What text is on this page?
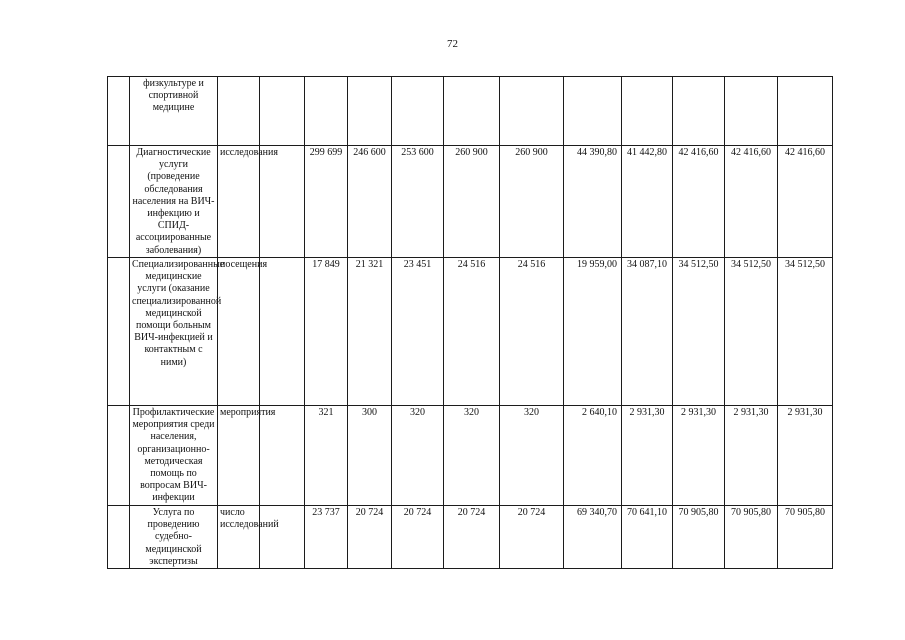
72
	физкультуре и спортивной медицине												
	Диагностические услуги (проведение обследования населения на ВИЧ-инфекцию и СПИД-ассоциированные заболевания)	исследования		299 699	246 600	253 600	260 900	260 900	44 390,80	41 442,80	42 416,60	42 416,60	42 416,60
	Специализированные медицинские услуги (оказание специализированной медицинской помощи больным ВИЧ-инфекцией и контактным с ними)	посещения		17 849	21 321	23 451	24 516	24 516	19 959,00	34 087,10	34 512,50	34 512,50	34 512,50
	Профилактические мероприятия среди населения, организационно-методическая помощь по вопросам ВИЧ-инфекции	мероприятия		321	300	320	320	320	2 640,10	2 931,30	2 931,30	2 931,30	2 931,30
	Услуга по проведению судебно-медицинской экспертизы	число исследований		23 737	20 724	20 724	20 724	20 724	69 340,70	70 641,10	70 905,80	70 905,80	70 905,80
